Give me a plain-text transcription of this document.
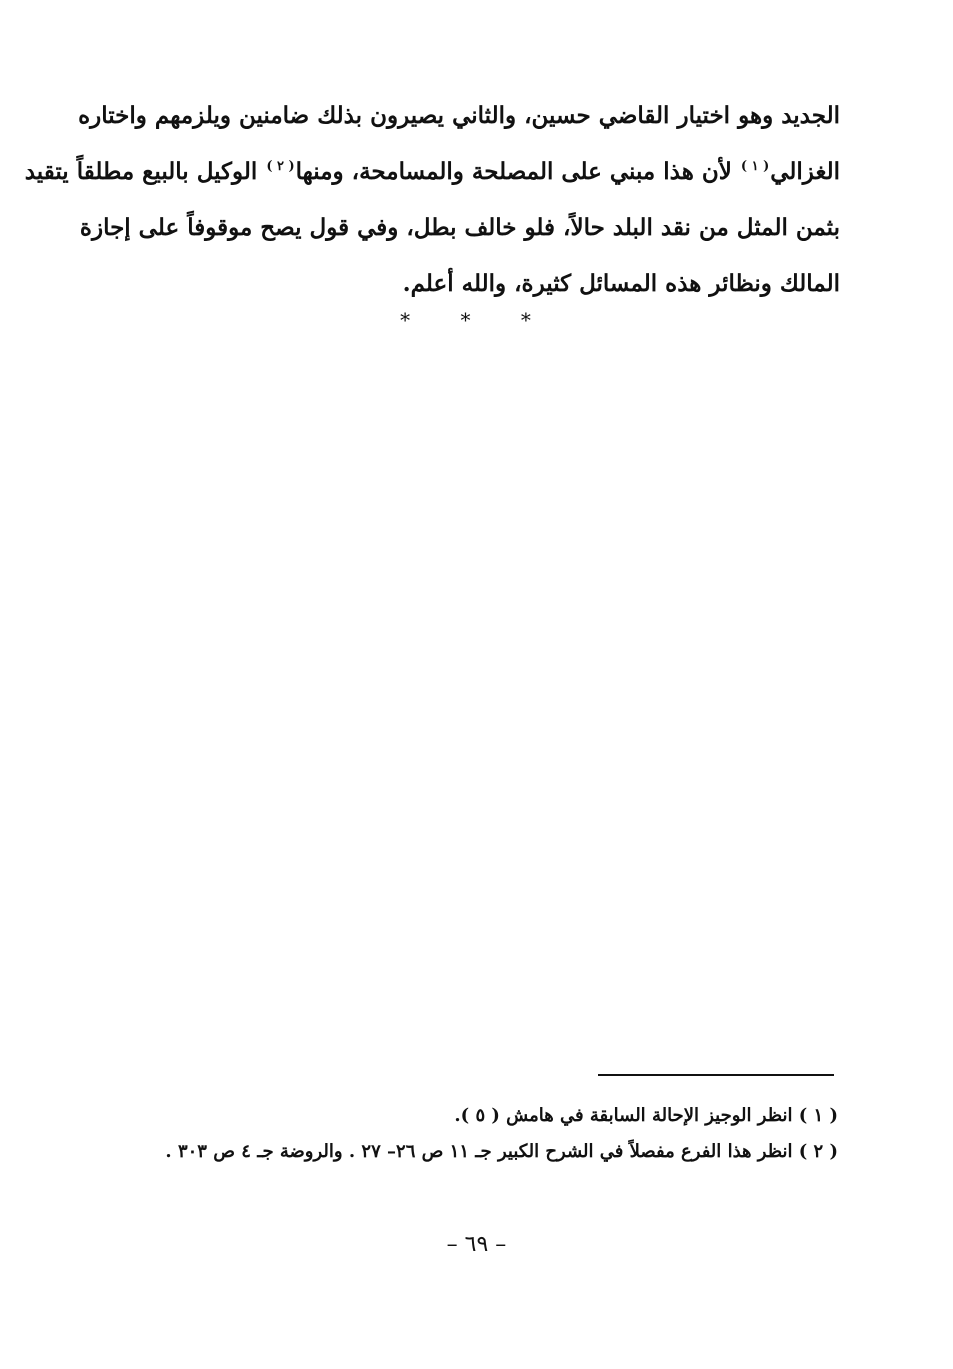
الجديد وهو اختيار القاضي حسين، والثاني يصيرون بذلك ضامنين ويلزمهم واختاره
الغزالي$^{( ١ )}$ لأن هذا مبني على المصلحة والمسامحة، ومنها$^{( ٢ )}$ الوكيل بالبيع مطلقاً يتقيد
بثمن المثل من نقد البلد حالاً، فلو خالف بطل، وفي قول يصح موقوفاً على إجازة
المالك ونظائر هذه المسائل كثيرة، والله أعلم.
* * *
( ١ ) انظر الوجيز الإحالة السابقة في هامش ( ٥ ).
( ٢ ) انظر هذا الفرع مفصلاً في الشرح الكبير جـ ١١ ص ٢٦– ٢٧ . والروضة جـ ٤ ص ٣٠٣ .
– ٦٩ –
